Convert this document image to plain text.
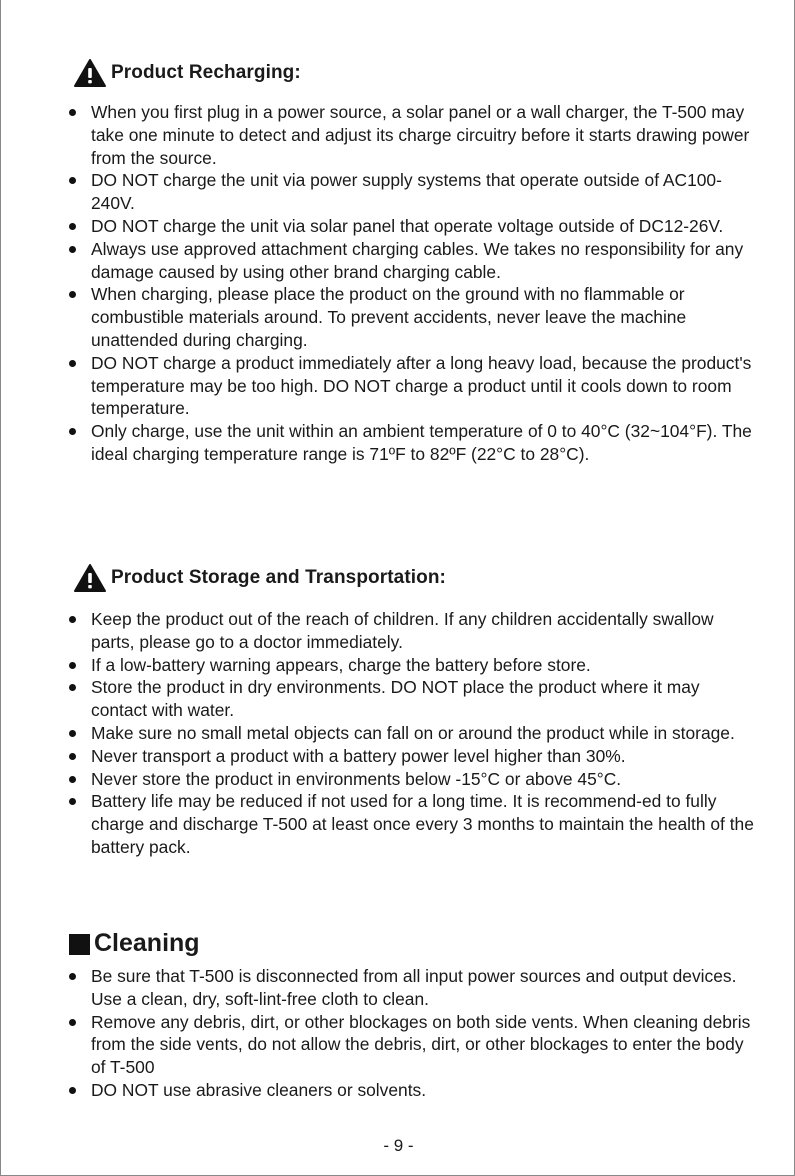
Product Recharging:
When you first plug in a power source, a solar panel or a wall charger, the T-500 may take one minute to detect and adjust its charge circuitry before it starts drawing power from the source.
DO NOT charge the unit via power supply systems that operate outside of AC100-240V.
DO NOT charge the unit via solar panel that operate voltage outside of DC12-26V.
Always use approved attachment charging cables. We takes no responsibility for any damage caused by using other brand charging cable.
When charging, please place the product on the ground with no flammable or combustible materials around. To prevent accidents, never leave the machine unattended during charging.
DO NOT charge a product immediately after a long heavy load, because the product's temperature may be too high. DO NOT charge a product until it cools down to room temperature.
Only charge, use the unit within an ambient temperature of 0 to 40°C (32~104°F). The ideal charging temperature range is 71ºF to 82ºF (22°C to 28°C).
Product Storage and Transportation:
Keep the product out of the reach of children. If any children accidentally swallow parts, please go to a doctor immediately.
If a low-battery warning appears, charge the battery before store.
Store the product in dry environments. DO NOT place the product where it may contact with water.
Make sure no small metal objects can fall on or around the product while in storage.
Never transport a product with a battery power level higher than 30%.
Never store the product in environments below -15°C or above 45°C.
Battery life may be reduced if not used for a long time. It is recommend-ed to fully charge and discharge T-500 at least once every 3 months to maintain the health of the battery pack.
Cleaning
Be sure that T-500 is disconnected from all input power sources and output devices. Use a clean, dry, soft-lint-free cloth to clean.
Remove any debris, dirt, or other blockages on both side vents. When cleaning debris from the side vents, do not allow the debris, dirt, or other blockages to enter the body of T-500
DO NOT use abrasive cleaners or solvents.
- 9 -
